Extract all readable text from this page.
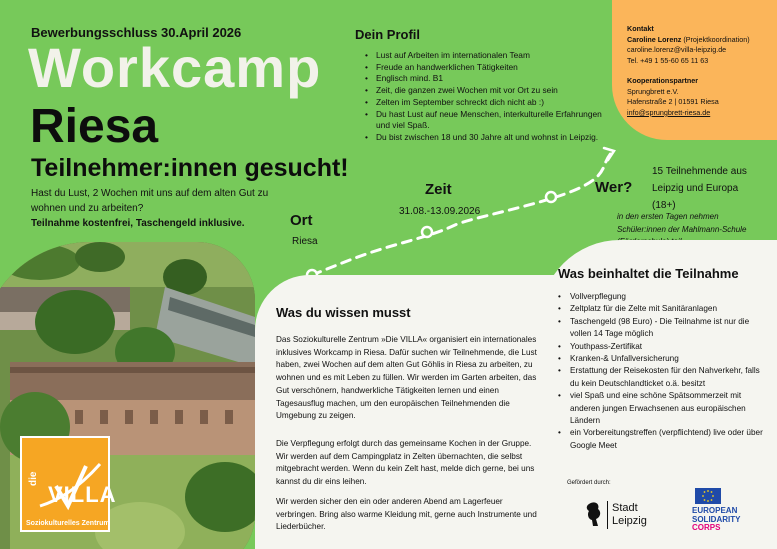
Bewerbungsschluss 30.April 2026
Workcamp
Riesa
Teilnehmer:innen gesucht!
Hast du Lust, 2 Wochen mit uns auf dem alten Gut zu wohnen und zu arbeiten?
Teilnahme kostenfrei, Taschengeld inklusive.
Dein Profil
• Lust auf Arbeiten im internationalen Team
• Freude an handwerklichen Tätigkeiten
• Englisch mind. B1
• Zeit, die ganzen zwei Wochen mit vor Ort zu sein
• Zelten im September schreckt dich nicht ab :)
• Du hast Lust auf neue Menschen, interkulturelle Erfahrungen und viel Spaß.
• Du bist zwischen 18 und 30 Jahre alt und wohnst in Leipzig.
Kontakt
Caroline Lorenz (Projektkoordination)
caroline.lorenz@villa-leipzig.de
Tel. +49 1 55-60 65 11 63
Kooperationspartner
Sprungbrett e.V.
Hafenstraße 2 | 01591 Riesa
info@sprungbrett-riesa.de
Ort
Riesa
Zeit
31.08.-13.09.2026
Wer?
15 Teilnehmende aus Leipzig und Europa (18+)
in den ersten Tagen nehmen Schüler:innen der Mahlmann-Schule
die
VILLA
Soziokulturelles Zentrum
Was du wissen musst
Das Soziokulturelle Zentrum »Die VILLA« organisiert ein internationales inklusives Workcamp in Riesa. Dafür suchen wir Teilnehmende, die Lust haben, zwei Wochen auf dem alten Gut Göhlis in Riesa zu arbeiten, zu wohnen und es mit Leben zu füllen. Wir werden im Garten arbeiten, das Gut verschönern, handwerkliche Tätigkeiten lernen und einen Tagesausflug machen, um den europäischen Teilnehmenden die Umgebung zu zeigen.
Die Verpflegung erfolgt durch das gemeinsame Kochen in der Gruppe. Wir werden auf dem Campingplatz in Zelten übernachten, die selbst mitgebracht werden. Wenn du kein Zelt hast, melde dich gerne, bei uns kannst du dir eins leihen.
Wir werden sicher den ein oder anderen Abend am Lagerfeuer verbringen. Bring also warme Kleidung mit, gerne auch Instrumente und Liederbücher.
Was beinhaltet die Teilnahme
• Vollverpflegung
• Zeltplatz für die Zelte mit Sanitäranlagen
• Taschengeld (98 Euro) - Die Teilnahme ist nur die vollen 14 Tage möglich
• Youthpass-Zertifikat
• Kranken-& Unfallversicherung
• Erstattung der Reisekosten für den Nahverkehr, falls du kein Deutschlandticket o.ä. besitzt
• viel Spaß und eine schöne Spätsommerzeit mit anderen jungen Erwachsenen aus europäischen Ländern
• ein Vorbereitungstreffen (verpflichtend) live oder über Google Meet
Gefördert durch:
Stadt
Leipzig
EUROPEAN
SOLIDARITY
CORPS
